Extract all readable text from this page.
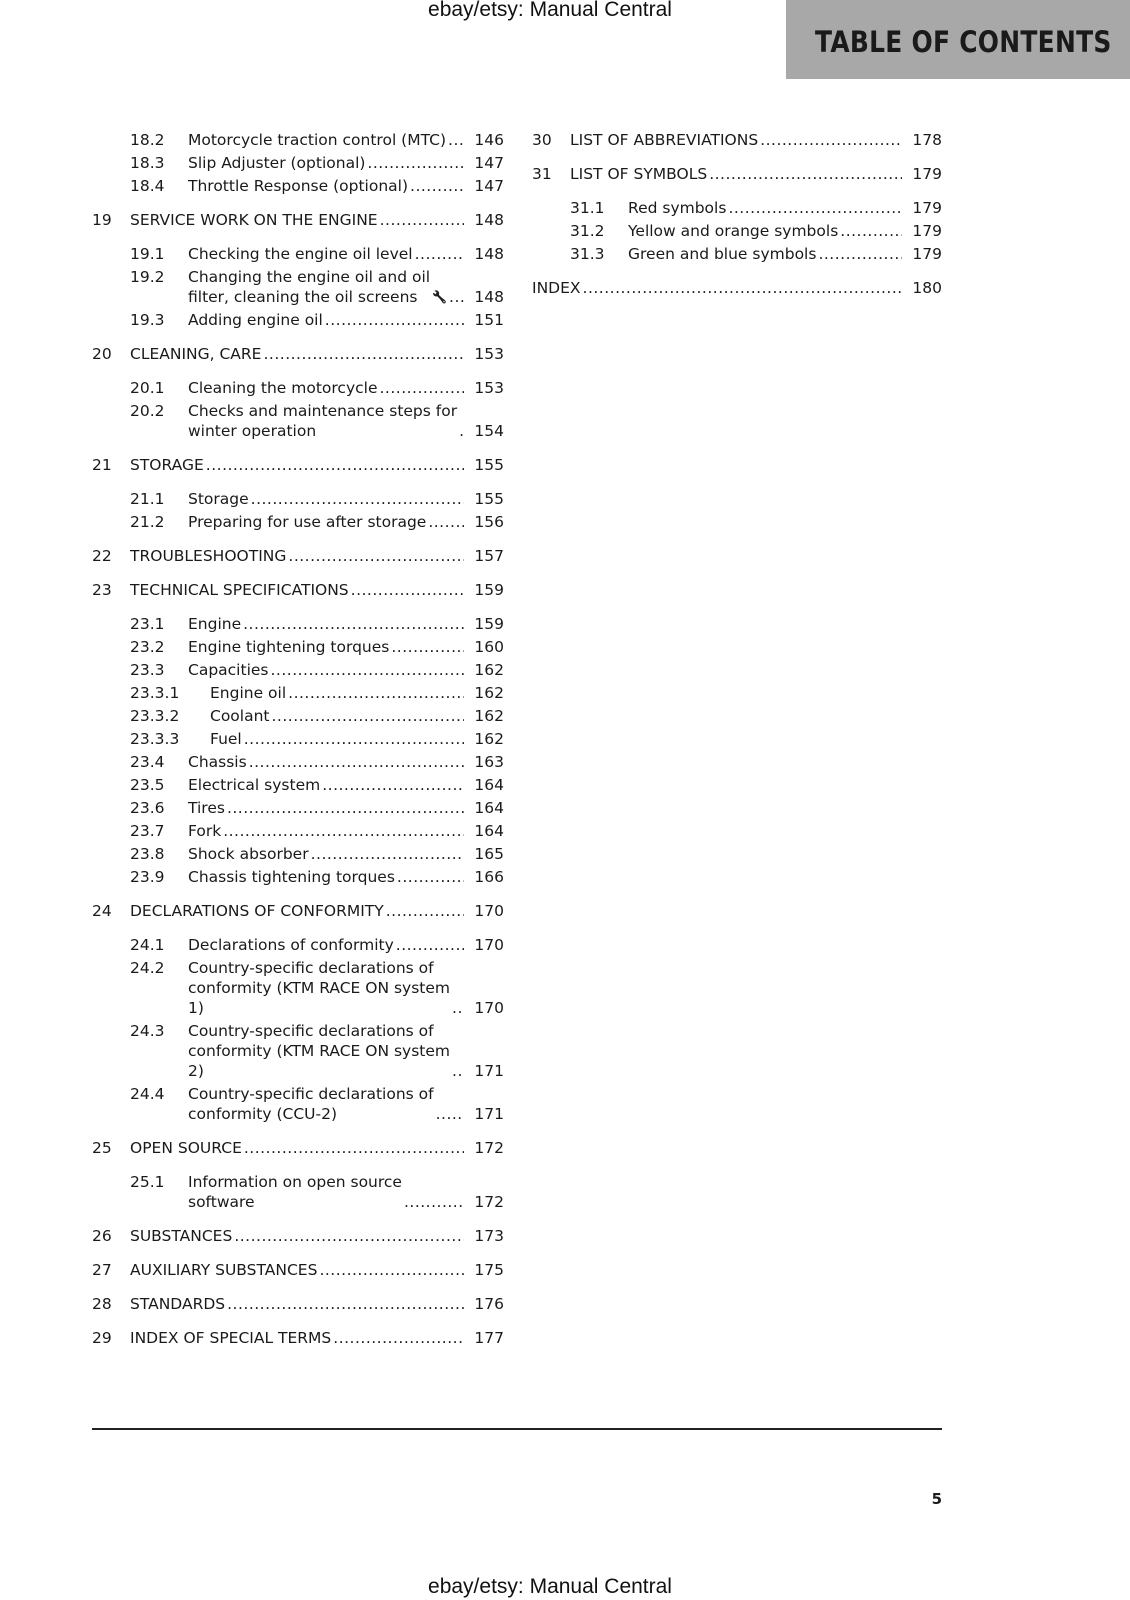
ebay/etsy: Manual Central
TABLE OF CONTENTS
18.2 Motorcycle traction control (MTC) .....	146
18.3 Slip Adjuster (optional) .....	147
18.4 Throttle Response (optional) .....	147
19 SERVICE WORK ON THE ENGINE .....	148
19.1 Checking the engine oil level .....	148
19.2 Changing the engine oil and oil
filter, cleaning the oil screens	🔧 .....	148
19.3 Adding engine oil .....	151
20 CLEANING, CARE .....	153
20.1 Cleaning the motorcycle .....	153
20.2 Checks and maintenance steps for
winter operation .....	154
21 STORAGE .....	155
21.1 Storage .....	155
21.2 Preparing for use after storage .....	156
22 TROUBLESHOOTING .....	157
23 TECHNICAL SPECIFICATIONS .....	159
23.1 Engine .....	159
23.2 Engine tightening torques .....	160
23.3 Capacities .....	162
23.3.1 Engine oil .....	162
23.3.2 Coolant .....	162
23.3.3 Fuel .....	162
23.4 Chassis .....	163
23.5 Electrical system .....	164
23.6 Tires .....	164
23.7 Fork .....	164
23.8 Shock absorber .....	165
23.9 Chassis tightening torques .....	166
24 DECLARATIONS OF CONFORMITY .....	170
24.1 Declarations of conformity .....	170
24.2 Country-specific declarations of
conformity (KTM RACE ON system
1) .....	170
24.3 Country-specific declarations of
conformity (KTM RACE ON system
2) .....	171
24.4 Country-specific declarations of
conformity (CCU-2) .....	171
25 OPEN SOURCE .....	172
25.1 Information on open source
software .....	172
26 SUBSTANCES .....	173
27 AUXILIARY SUBSTANCES .....	175
28 STANDARDS .....	176
29 INDEX OF SPECIAL TERMS .....	177
30 LIST OF ABBREVIATIONS .....	178
31 LIST OF SYMBOLS .....	179
31.1 Red symbols .....	179
31.2 Yellow and orange symbols .....	179
31.3 Green and blue symbols .....	179
INDEX .....	180
5
ebay/etsy: Manual Central
